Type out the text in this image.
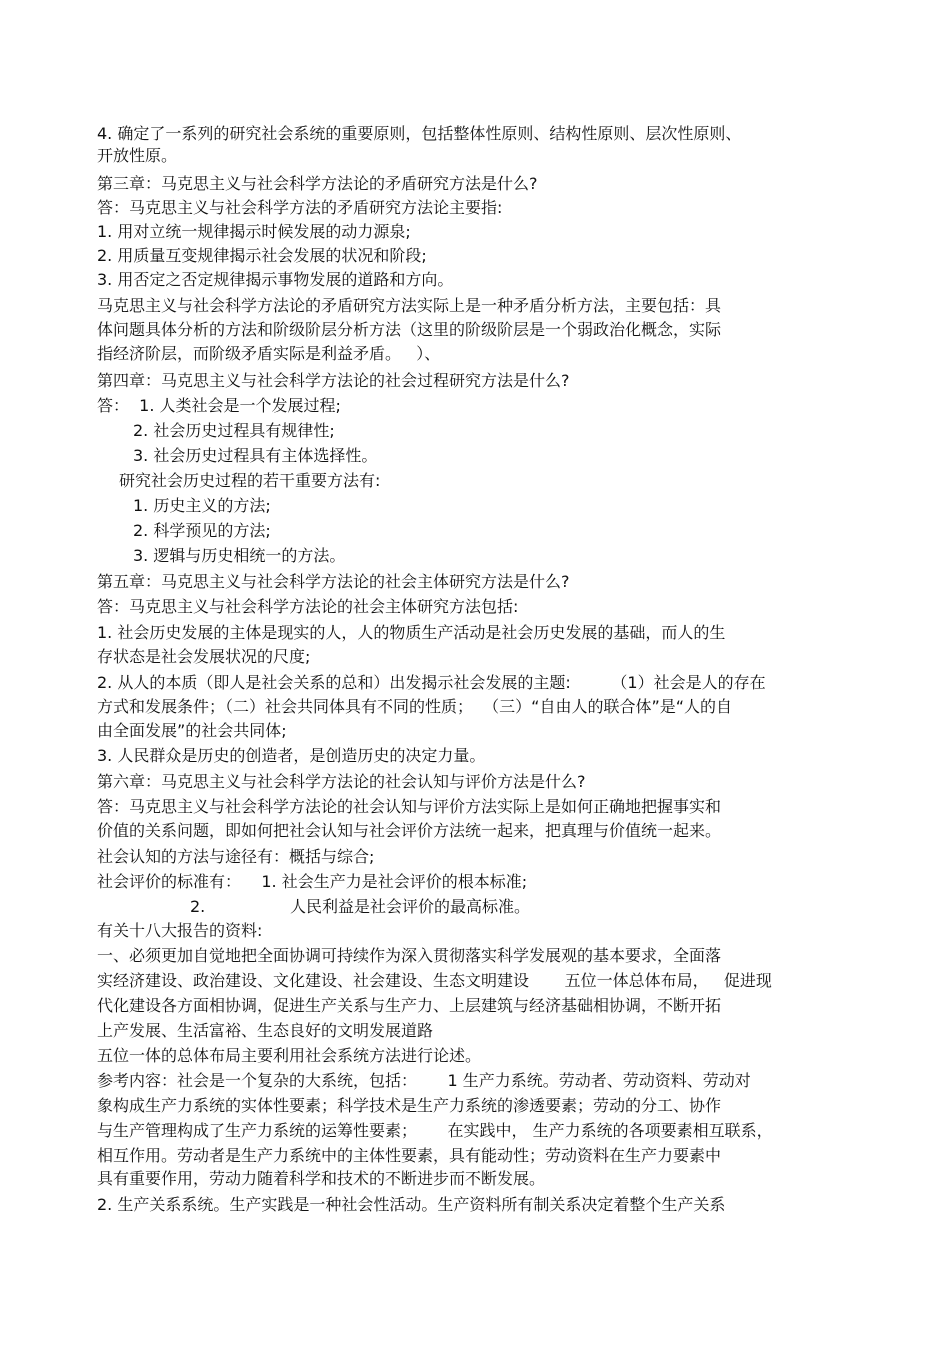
4. 确定了一系列的研究社会系统的重要原则，包括整体性原则、结构性原则、层次性原则、
开放性原。
第三章：马克思主义与社会科学方法论的矛盾研究方法是什么?
答：马克思主义与社会科学方法的矛盾研究方法论主要指:
1. 用对立统一规律揭示时候发展的动力源泉;
2. 用质量互变规律揭示社会发展的状况和阶段;
3. 用否定之否定规律揭示事物发展的道路和方向。
马克思主义与社会科学方法论的矛盾研究方法实际上是一种矛盾分析方法，主要包括：具
体问题具体分析的方法和阶级阶层分析方法（这里的阶级阶层是一个弱政治化概念，实际
指经济阶层，而阶级矛盾实际是利益矛盾。   ）、
第四章：马克思主义与社会科学方法论的社会过程研究方法是什么?
答：  1. 人类社会是一个发展过程;
2. 社会历史过程具有规律性;
3. 社会历史过程具有主体选择性。
研究社会历史过程的若干重要方法有:
1. 历史主义的方法;
2. 科学预见的方法;
3. 逻辑与历史相统一的方法。
第五章：马克思主义与社会科学方法论的社会主体研究方法是什么?
答：马克思主义与社会科学方法论的社会主体研究方法包括:
1. 社会历史发展的主体是现实的人，人的物质生产活动是社会历史发展的基础，而人的生
存状态是社会发展状况的尺度;
2. 从人的本质（即人是社会关系的总和）出发揭示社会发展的主题:        （1）社会是人的存在
方式和发展条件；（二）社会共同体具有不同的性质；  （三）“自由人的联合体”是“人的自
由全面发展”的社会共同体;
3. 人民群众是历史的创造者，是创造历史的决定力量。
第六章：马克思主义与社会科学方法论的社会认知与评价方法是什么?
答：马克思主义与社会科学方法论的社会认知与评价方法实际上是如何正确地把握事实和
价值的关系问题，即如何把社会认知与社会评价方法统一起来，把真理与价值统一起来。
社会认知的方法与途径有：概括与综合;
社会评价的标准有：    1. 社会生产力是社会评价的根本标准;
2.	人民利益是社会评价的最高标准。
有关十八大报告的资料:
一、必须更加自觉地把全面协调可持续作为深入贯彻落实科学发展观的基本要求，全面落
实经济建设、政治建设、文化建设、社会建设、生态文明建设       五位一体总体布局，   促进现
代化建设各方面相协调，促进生产关系与生产力、上层建筑与经济基础相协调，不断开拓
上产发展、生活富裕、生态良好的文明发展道路
五位一体的总体布局主要利用社会系统方法进行论述。
参考内容：社会是一个复杂的大系统，包括：      1 生产力系统。劳动者、劳动资料、劳动对
象构成生产力系统的实体性要素；科学技术是生产力系统的渗透要素；劳动的分工、协作
与生产管理构成了生产力系统的运筹性要素；      在实践中， 生产力系统的各项要素相互联系，
相互作用。劳动者是生产力系统中的主体性要素，具有能动性；劳动资料在生产力要素中
具有重要作用，劳动力随着科学和技术的不断进步而不断发展。
2. 生产关系系统。生产实践是一种社会性活动。生产资料所有制关系决定着整个生产关系
